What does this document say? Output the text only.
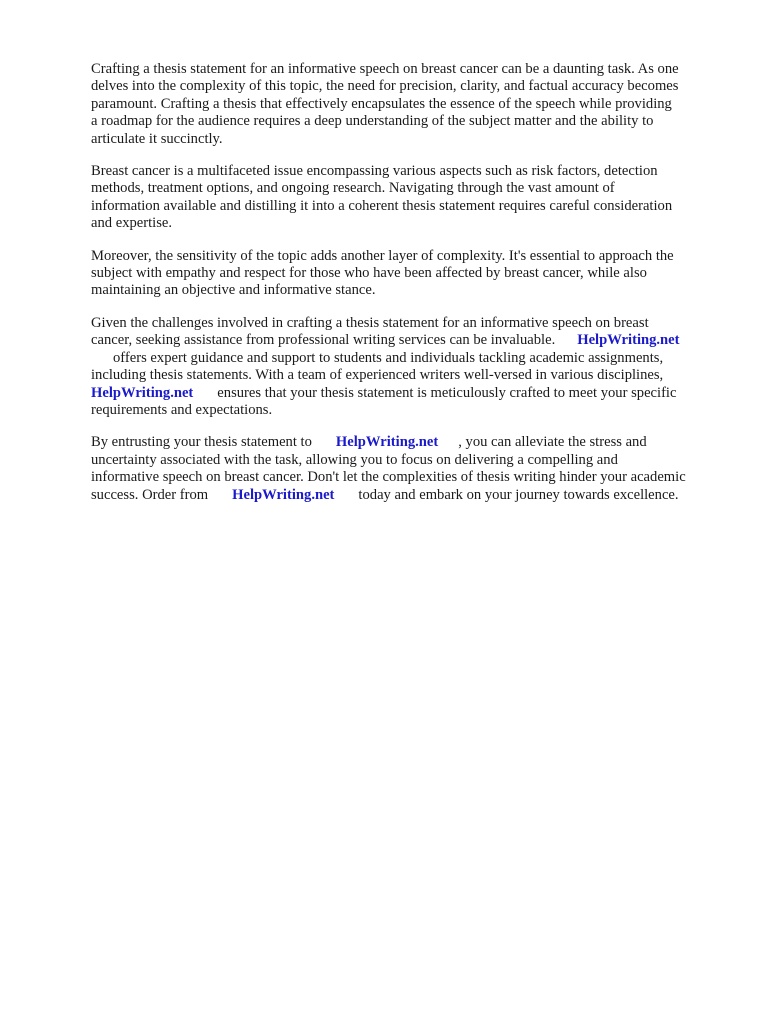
Crafting a thesis statement for an informative speech on breast cancer can be a daunting task. As one
delves into the complexity of this topic, the need for precision, clarity, and factual accuracy becomes
paramount. Crafting a thesis that effectively encapsulates the essence of the speech while providing
a roadmap for the audience requires a deep understanding of the subject matter and the ability to
articulate it succinctly.

Breast cancer is a multifaceted issue encompassing various aspects such as risk factors, detection
methods, treatment options, and ongoing research. Navigating through the vast amount of
information available and distilling it into a coherent thesis statement requires careful consideration
and expertise.

Moreover, the sensitivity of the topic adds another layer of complexity. It's essential to approach the
subject with empathy and respect for those who have been affected by breast cancer, while also
maintaining an objective and informative stance.

Given the challenges involved in crafting a thesis statement for an informative speech on breast
cancer, seeking assistance from professional writing services can be invaluable. HelpWriting.net
offers expert guidance and support to students and individuals tackling academic assignments,
including thesis statements. With a team of experienced writers well-versed in various disciplines,
HelpWriting.net ensures that your thesis statement is meticulously crafted to meet your specific
requirements and expectations.

By entrusting your thesis statement to HelpWriting.net , you can alleviate the stress and
uncertainty associated with the task, allowing you to focus on delivering a compelling and
informative speech on breast cancer. Don't let the complexities of thesis writing hinder your academic
success. Order from HelpWriting.net today and embark on your journey towards excellence.
